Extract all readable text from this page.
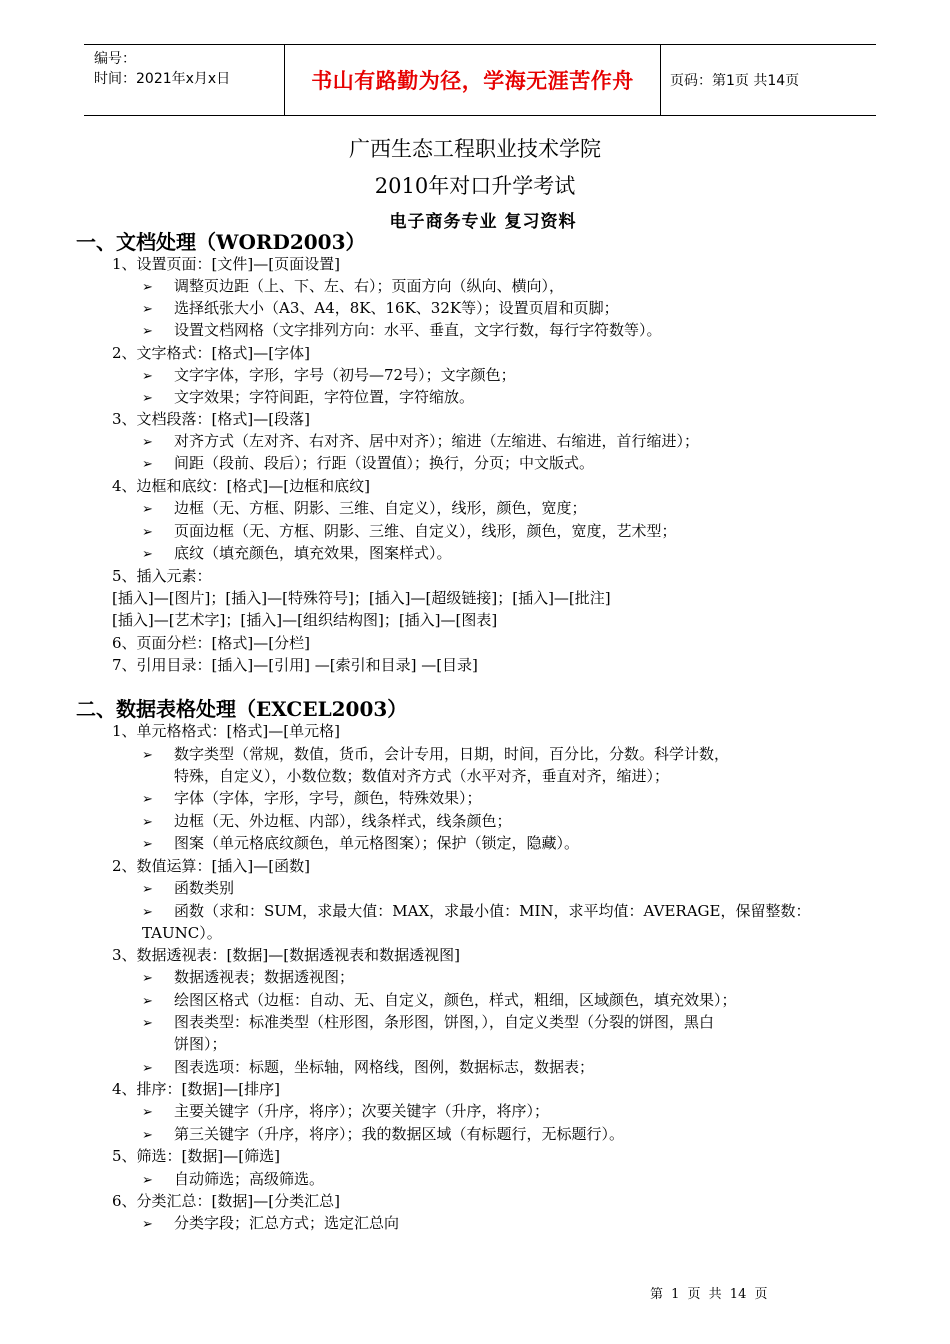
编号：
时间：2021年x月x日	书山有路勤为径，学海无涯苦作舟	页码：第1页 共14页
广西生态工程职业技术学院
2010年对口升学考试
电子商务专业 复习资料
一、文档处理（WORD2003）
1、设置页面：[文件]—[页面设置]
➢ 调整页边距（上、下、左、右）；页面方向（纵向、横向），
➢ 选择纸张大小（A3、A4，8K、16K、32K等）；设置页眉和页脚；
➢ 设置文档网格（文字排列方向：水平、垂直，文字行数，每行字符数等）。
2、文字格式：[格式]—[字体]
➢ 文字字体，字形，字号（初号—72号）；文字颜色；
➢ 文字效果；字符间距，字符位置，字符缩放。
3、文档段落：[格式]—[段落]
➢ 对齐方式（左对齐、右对齐、居中对齐）；缩进（左缩进、右缩进，首行缩进）；
➢ 间距（段前、段后）；行距（设置值）；换行，分页；中文版式。
4、边框和底纹：[格式]—[边框和底纹]
➢ 边框（无、方框、阴影、三维、自定义），线形，颜色，宽度；
➢ 页面边框（无、方框、阴影、三维、自定义），线形，颜色，宽度，艺术型；
➢ 底纹（填充颜色，填充效果，图案样式）。
5、插入元素：
[插入]—[图片]；[插入]—[特殊符号]；[插入]—[超级链接]；[插入]—[批注]
[插入]—[艺术字]；[插入]—[组织结构图]；[插入]—[图表]
6、页面分栏：[格式]—[分栏]
7、引用目录：[插入]—[引用] —[索引和目录] —[目录]
二、数据表格处理（EXCEL2003）
1、单元格格式：[格式]—[单元格]
➢ 数字类型（常规，数值，货币，会计专用，日期，时间，百分比，分数。科学计数，
特殊，自定义），小数位数；数值对齐方式（水平对齐，垂直对齐，缩进）；
➢ 字体（字体，字形，字号，颜色，特殊效果）；
➢ 边框（无、外边框、内部），线条样式，线条颜色；
➢ 图案（单元格底纹颜色，单元格图案）；保护（锁定，隐藏）。
2、数值运算：[插入]—[函数]
➢ 函数类别
➢ 函数（求和：SUM，求最大值：MAX，求最小值：MIN，求平均值：AVERAGE，保留整数：
TAUNC）。
3、数据透视表：[数据]—[数据透视表和数据透视图]
➢ 数据透视表；数据透视图；
➢ 绘图区格式（边框：自动、无、自定义，颜色，样式，粗细，区域颜色，填充效果）；
➢ 图表类型：标准类型（柱形图，条形图，饼图，），自定义类型（分裂的饼图，黑白
饼图）；
➢ 图表选项：标题，坐标轴，网格线，图例，数据标志，数据表；
4、排序：[数据]—[排序]
➢ 主要关键字（升序，将序）；次要关键字（升序，将序）；
➢ 第三关键字（升序，将序）；我的数据区域（有标题行，无标题行）。
5、筛选：[数据]—[筛选]
➢ 自动筛选；高级筛选。
6、分类汇总：[数据]—[分类汇总]
➢ 分类字段；汇总方式；选定汇总向
第 1 页 共 14 页
